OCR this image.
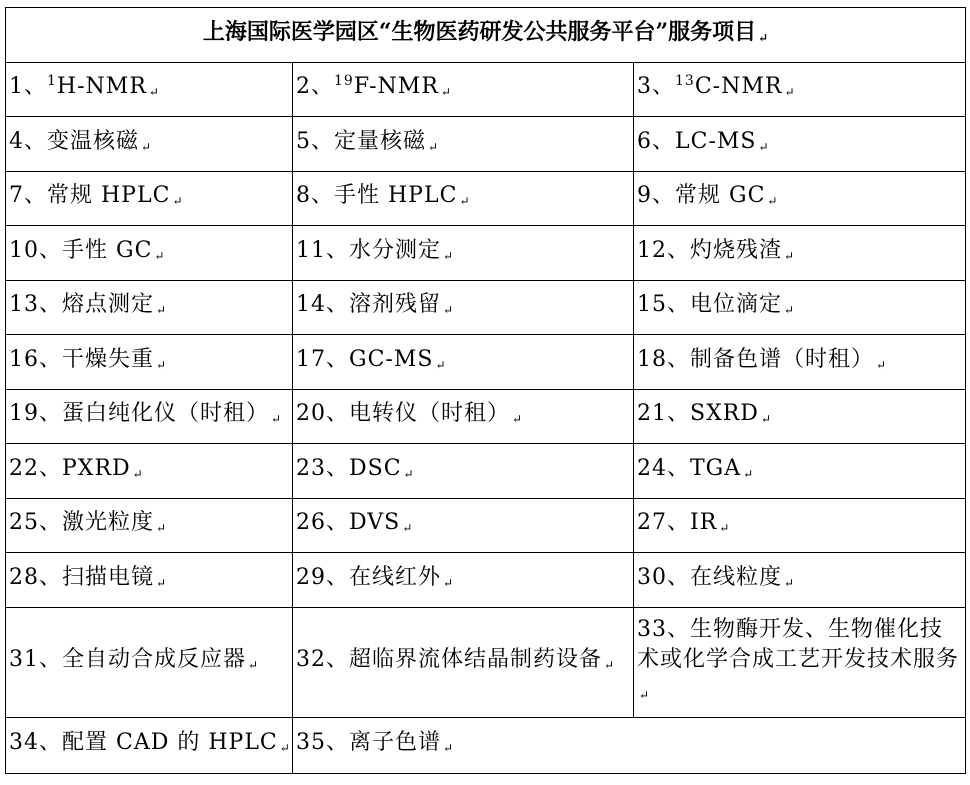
上海国际医学园区“生物医药研发公共服务平台”服务项目 ↵		
1、$^1$H-NMR ↵	2、$^{19}$F-NMR ↵	3、$^{13}$C-NMR ↵
4、变温核磁 ↵	5、定量核磁 ↵	6、LC-MS ↵
7、常规 HPLC ↵	8、手性 HPLC ↵	9、常规 GC ↵
10、手性 GC ↵	11、水分测定 ↵	12、灼烧残渣 ↵
13、熔点测定 ↵	14、溶剂残留 ↵	15、电位滴定 ↵
16、干燥失重 ↵	17、GC-MS ↵	18、制备色谱（时租） ↵
19、蛋白纯化仪（时租） ↵	20、电转仪（时租） ↵	21、SXRD ↵
22、PXRD ↵	23、DSC ↵	24、TGA ↵
25、激光粒度 ↵	26、DVS ↵	27、IR ↵
28、扫描电镜 ↵	29、在线红外 ↵	30、在线粒度 ↵
31、全自动合成反应器 ↵	32、超临界流体结晶制药设备 ↵	33、生物酶开发、生物催化技术或化学合成工艺开发技术服务↵
34、配置 CAD 的 HPLC ↵	35、离子色谱 ↵	
